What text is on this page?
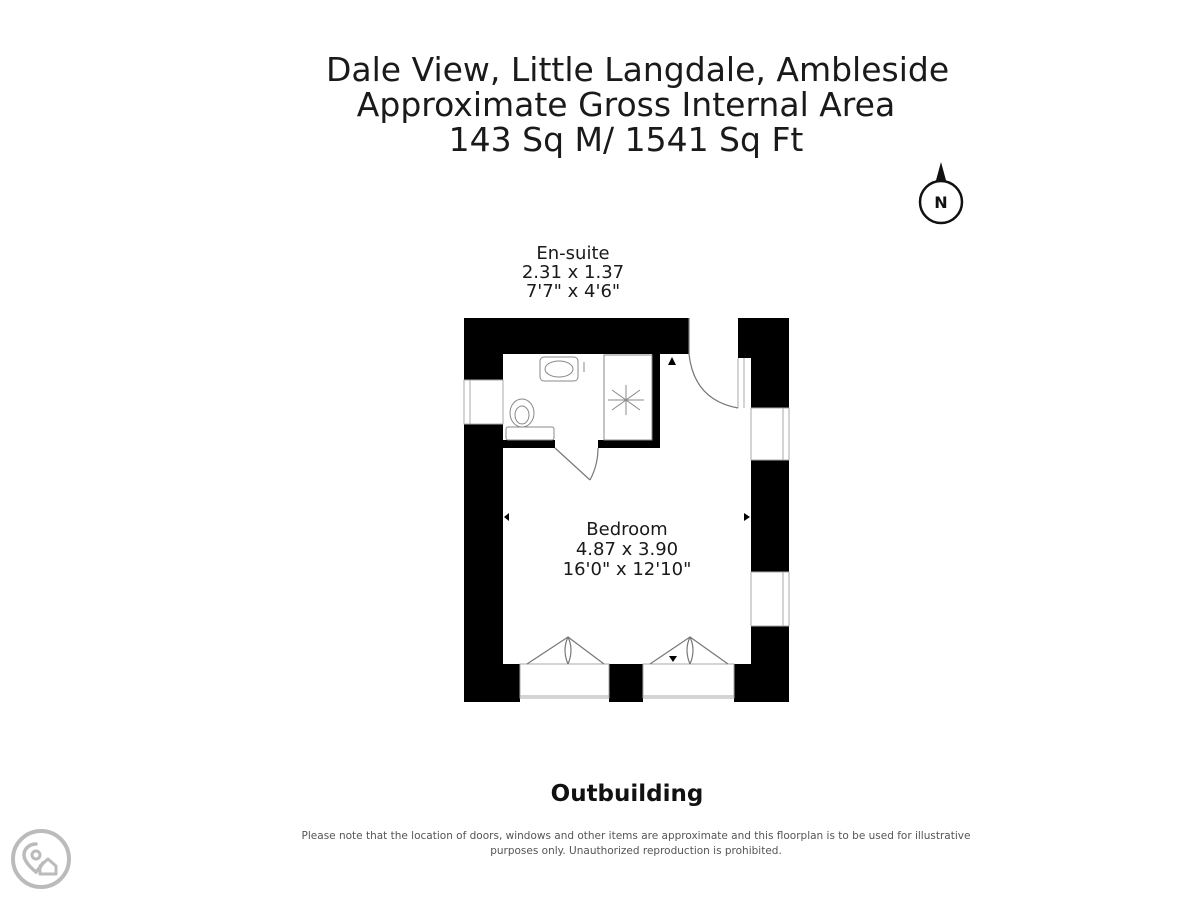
Dale View, Little Langdale, Ambleside
Approximate Gross Internal Area
143 Sq M/ 1541 Sq Ft
N
En-suite
2.31 x 1.37
7'7" x 4'6"
Bedroom
4.87 x 3.90
16'0" x 12'10"
Outbuilding
Please note that the location of doors, windows and other items are approximate and this floorplan is to be used for illustrative
purposes only. Unauthorized reproduction is prohibited.
